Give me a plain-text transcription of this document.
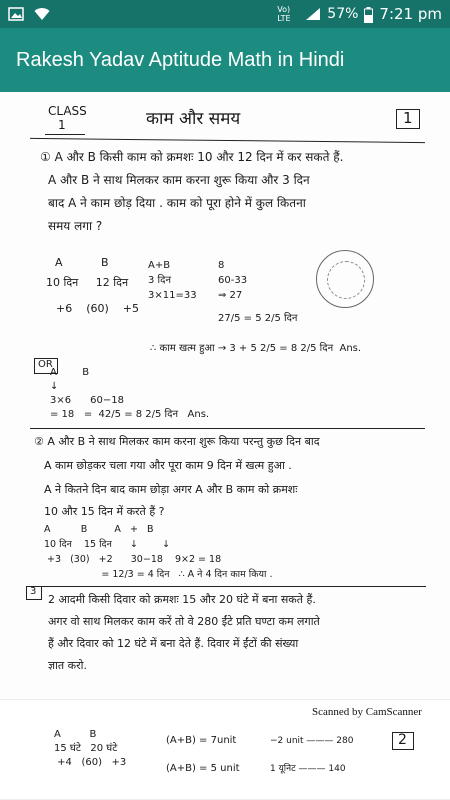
Vo) LTE	57% 7:21 pm
Rakesh Yadav Aptitude Math in Hindi
CLASS
1	काम और समय	1
① A और B किसी काम को क्रमशः 10 और 12 दिन में कर सकते हैं.
A और B ने साथ मिलकर काम करना शुरू किया और 3 दिन
बाद A ने काम छोड़ दिया . काम को पूरा होने में कुल कितना
समय लगा ?
A           B
10 दिन     12 दिन
+6    (60)    +5
A+B
3 दिन
3×11=33
8
60-33
⇒ 27
27/5 = 5 2/5 दिन
∴ काम खत्म हुआ → 3 + 5 2/5 = 8 2/5 दिन  Ans.
OR
A        B
↓
3×6      60−18
= 18   =  42/5 = 8 2/5 दिन   Ans.
② A और B ने साथ मिलकर काम करना शुरू किया परन्तु कुछ दिन बाद
A काम छोड़कर चला गया और पूरा काम 9 दिन में खत्म हुआ .
A ने कितने दिन बाद काम छोड़ा अगर A और B काम को क्रमशः
10 और 15 दिन में करते हैं ?
A          B         A   +   B
10 दिन    15 दिन      ↓        ↓
+3   (30)   +2      30−18    9×2 = 18
= 12/3 = 4 दिन   ∴ A ने 4 दिन काम किया .
3
2 आदमी किसी दिवार को क्रमशः 15 और 20 घंटे में बना सकते हैं.
अगर वो साथ मिलकर काम करें तो वे 280 ईंटे प्रति घण्टा कम लगाते
हैं और दिवार को 12 घंटे में बना देते हैं. दिवार में ईंटों की संख्या
ज्ञात करो.
Scanned by CamScanner
A         B
15 घंटे   20 घंटे
+4   (60)   +3
(A+B) = 7unit

(A+B) = 5 unit
−2 unit ——— 280

1 यूनिट ——— 140
2
